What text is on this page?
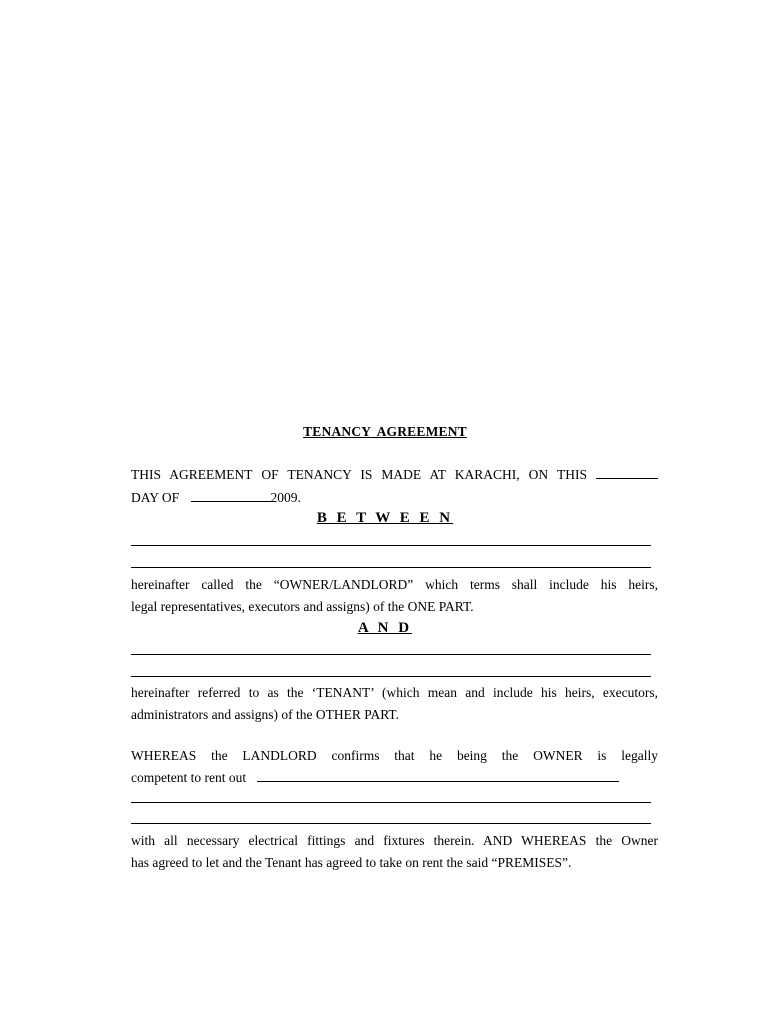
TENANCY AGREEMENT
THIS AGREEMENT OF TENANCY IS MADE AT KARACHI, ON THIS
DAY OF	2009.
B E T W E E N
hereinafter called the “OWNER/LANDLORD” which terms shall include his heirs,
legal representatives, executors and assigns) of the ONE PART.
A N D
hereinafter referred to as the ‘TENANT’ (which mean and include his heirs, executors,
administrators and assigns) of the OTHER PART.
WHEREAS the LANDLORD confirms that he being the OWNER is legally
competent to rent out
with all necessary electrical fittings and fixtures therein. AND WHEREAS the Owner
has agreed to let and the Tenant has agreed to take on rent the said “PREMISES”.
